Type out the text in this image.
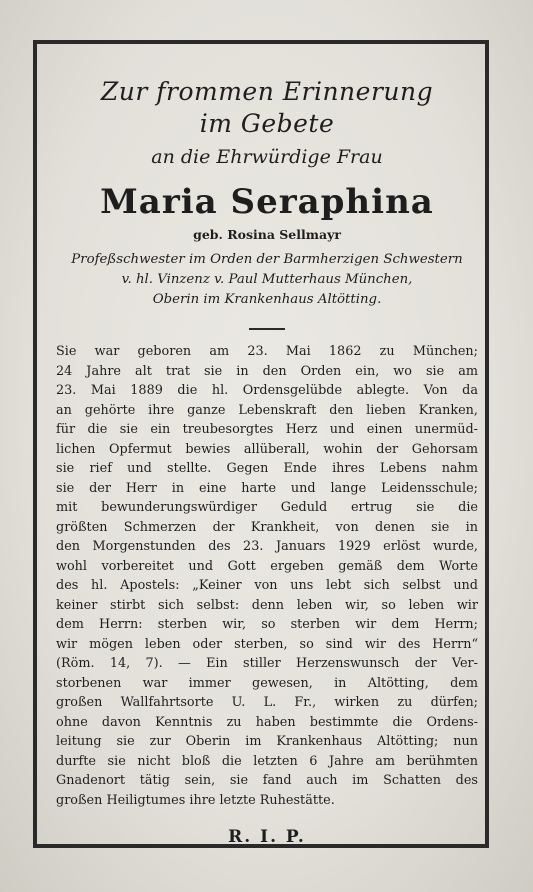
Zur frommen Erinnerung
im Gebete
an die Ehrwürdige Frau
Maria Seraphina
geb. Rosina Sellmayr
Profeßschwester im Orden der Barmherzigen Schwestern
v. hl. Vinzenz v. Paul Mutterhaus München,
Oberin im Krankenhaus Altötting.
Sie war geboren am 23. Mai 1862 zu München;
24 Jahre alt trat sie in den Orden ein, wo sie am
23. Mai 1889 die hl. Ordensgelübde ablegte. Von da
an gehörte ihre ganze Lebenskraft den lieben Kranken,
für die sie ein treubesorgtes Herz und einen unermüd-
lichen Opfermut bewies allüberall, wohin der Gehorsam
sie rief und stellte. Gegen Ende ihres Lebens nahm
sie der Herr in eine harte und lange Leidensschule;
mit bewunderungswürdiger Geduld ertrug sie die
größten Schmerzen der Krankheit, von denen sie in
den Morgenstunden des 23. Januars 1929 erlöst wurde,
wohl vorbereitet und Gott ergeben gemäß dem Worte
des hl. Apostels: „Keiner von uns lebt sich selbst und
keiner stirbt sich selbst: denn leben wir, so leben wir
dem Herrn: sterben wir, so sterben wir dem Herrn;
wir mögen leben oder sterben, so sind wir des Herrn“
(Röm. 14, 7). — Ein stiller Herzenswunsch der Ver-
storbenen war immer gewesen, in Altötting, dem
großen Wallfahrtsorte U. L. Fr., wirken zu dürfen;
ohne davon Kenntnis zu haben bestimmte die Ordens-
leitung sie zur Oberin im Krankenhaus Altötting; nun
durfte sie nicht bloß die letzten 6 Jahre am berühmten
Gnadenort tätig sein, sie fand auch im Schatten des
großen Heiligtumes ihre letzte Ruhestätte.
R. I. P.
